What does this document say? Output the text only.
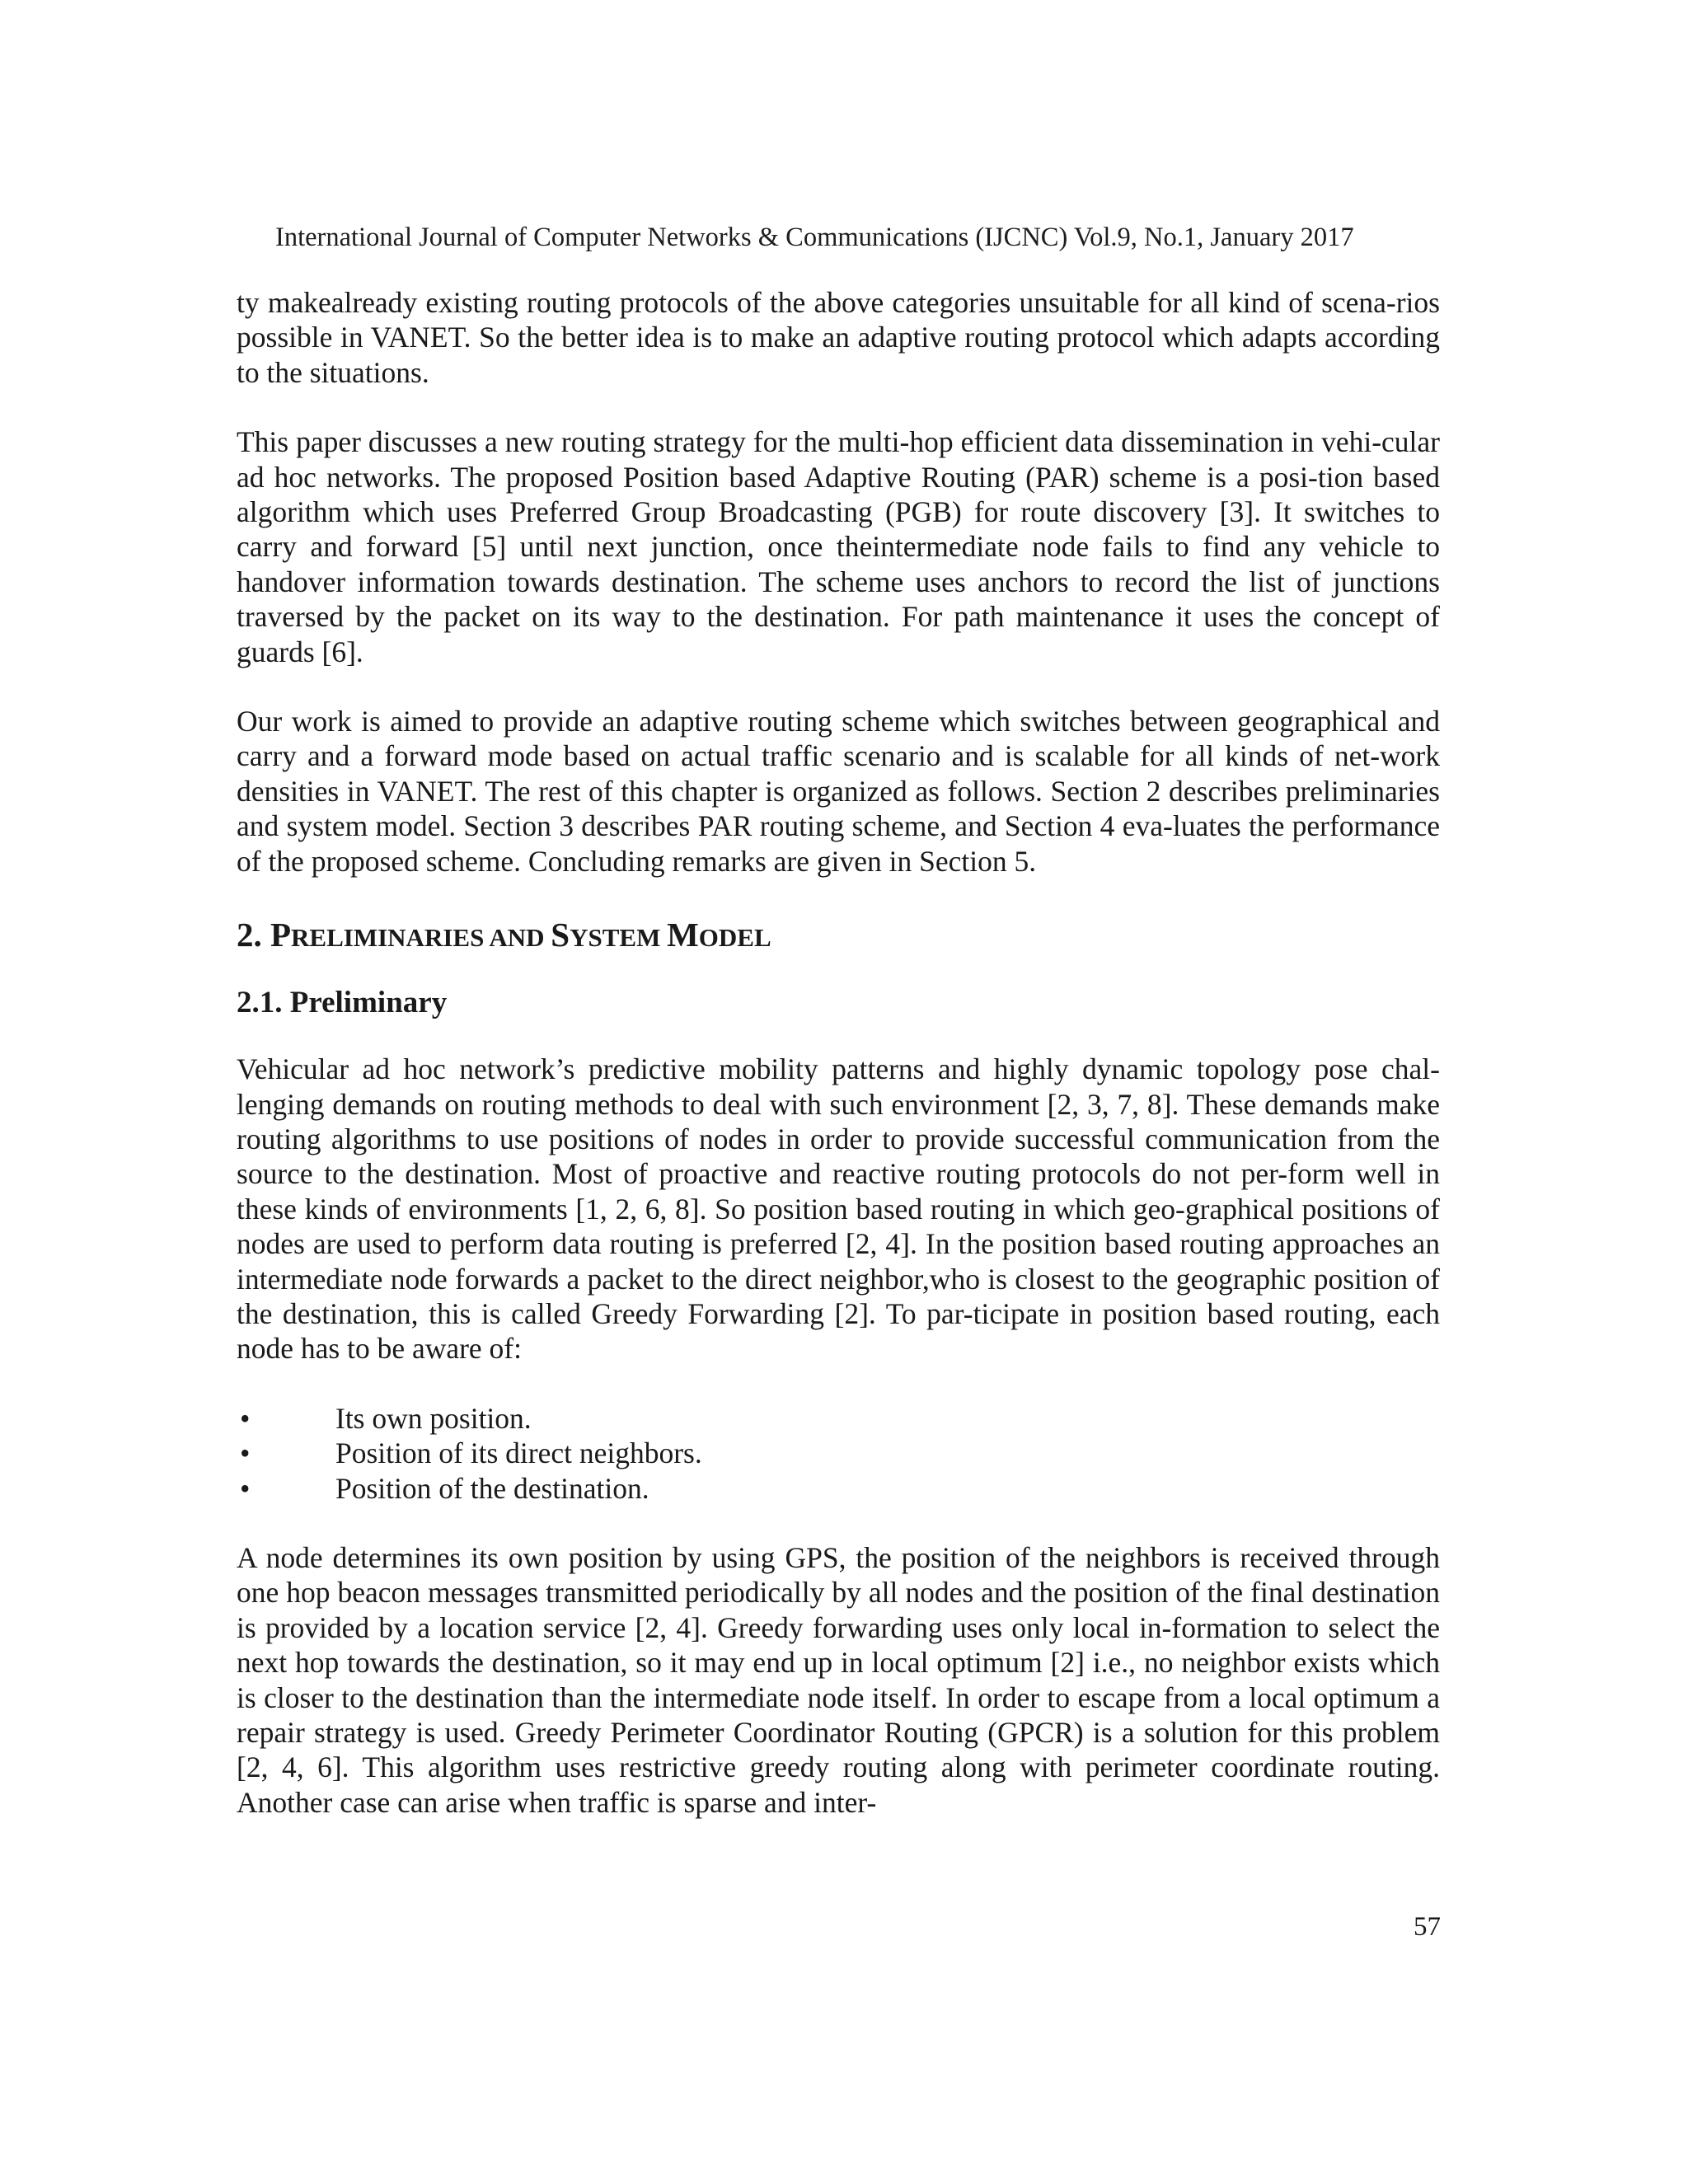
International Journal of Computer Networks & Communications (IJCNC) Vol.9, No.1, January 2017

ty makealready existing routing protocols of the above categories unsuitable for all kind of scena-rios possible in VANET. So the better idea is to make an adaptive routing protocol which adapts according to the situations.

This paper discusses a new routing strategy for the multi-hop efficient data dissemination in vehi-cular ad hoc networks. The proposed Position based Adaptive Routing (PAR) scheme is a posi-tion based algorithm which uses Preferred Group Broadcasting (PGB) for route discovery [3]. It switches to carry and forward [5] until next junction, once theintermediate node fails to find any vehicle to handover information towards destination. The scheme uses anchors to record the list of junctions traversed by the packet on its way to the destination. For path maintenance it uses the concept of guards [6].

Our work is aimed to provide an adaptive routing scheme which switches between geographical and carry and a forward mode based on actual traffic scenario and is scalable for all kinds of net-work densities in VANET. The rest of this chapter is organized as follows. Section 2 describes preliminaries and system model. Section 3 describes PAR routing scheme, and Section 4 eva-luates the performance of the proposed scheme. Concluding remarks are given in Section 5.

2. PRELIMINARIES AND SYSTEM MODEL
2.1. Preliminary

Vehicular ad hoc network’s predictive mobility patterns and highly dynamic topology pose chal-lenging demands on routing methods to deal with such environment [2, 3, 7, 8]. These demands make routing algorithms to use positions of nodes in order to provide successful communication from the source to the destination. Most of proactive and reactive routing protocols do not per-form well in these kinds of environments [1, 2, 6, 8]. So position based routing in which geo-graphical positions of nodes are used to perform data routing is preferred [2, 4]. In the position based routing approaches an intermediate node forwards a packet to the direct neighbor,who is closest to the geographic position of the destination, this is called Greedy Forwarding [2]. To par-ticipate in position based routing, each node has to be aware of:

•	Its own position.
•	Position of its direct neighbors.
•	Position of the destination.

A node determines its own position by using GPS, the position of the neighbors is received through one hop beacon messages transmitted periodically by all nodes and the position of the final destination is provided by a location service [2, 4]. Greedy forwarding uses only local in-formation to select the next hop towards the destination, so it may end up in local optimum [2] i.e., no neighbor exists which is closer to the destination than the intermediate node itself. In order to escape from a local optimum a repair strategy is used. Greedy Perimeter Coordinator Routing (GPCR) is a solution for this problem [2, 4, 6]. This algorithm uses restrictive greedy routing along with perimeter coordinate routing. Another case can arise when traffic is sparse and inter-

57
